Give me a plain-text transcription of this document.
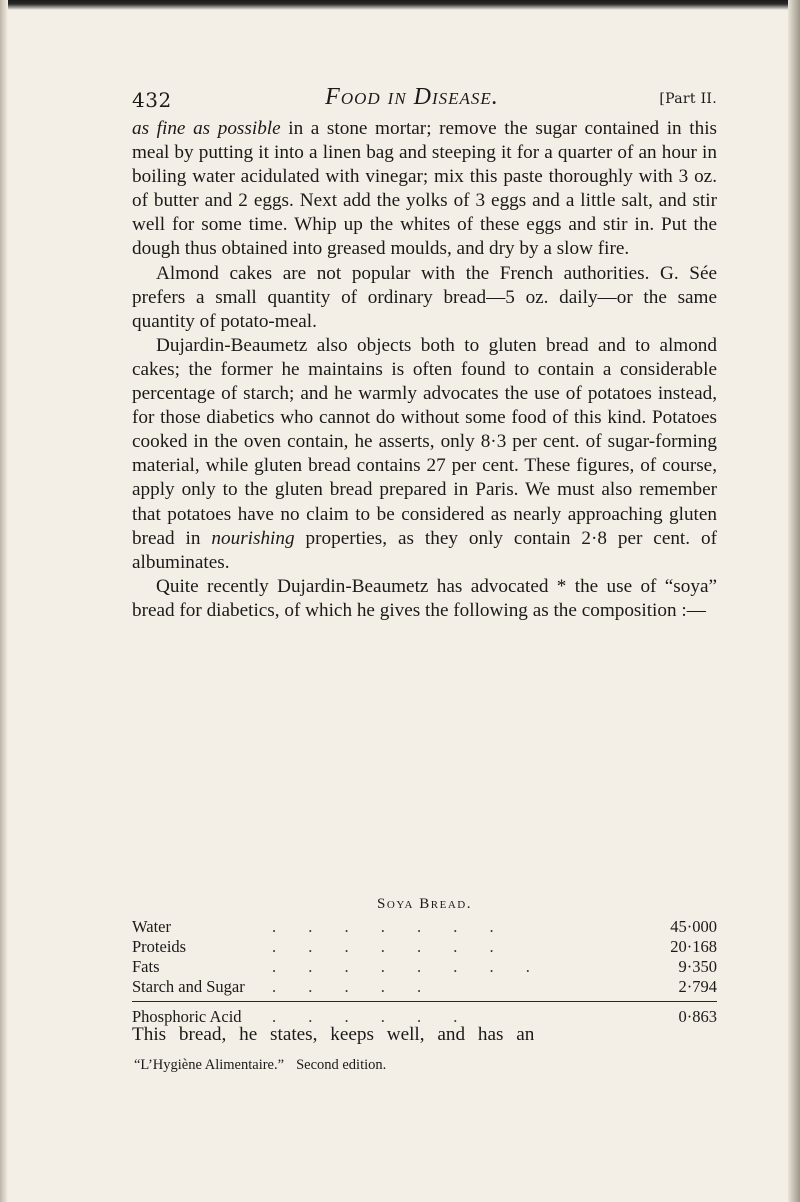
432	Food in Disease.	[Part II.

as fine as possible in a stone mortar; remove the sugar contained in this meal by putting it into a linen bag and steeping it for a quarter of an hour in boiling water acidulated with vinegar; mix this paste thoroughly with 3 oz. of butter and 2 eggs. Next add the yolks of 3 eggs and a little salt, and stir well for some time. Whip up the whites of these eggs and stir in. Put the dough thus obtained into greased moulds, and dry by a slow fire.

Almond cakes are not popular with the French authorities. G. Sée prefers a small quantity of ordinary bread—5 oz. daily—or the same quantity of potato-meal.

Dujardin-Beaumetz also objects both to gluten bread and to almond cakes; the former he maintains is often found to contain a considerable percentage of starch; and he warmly advocates the use of potatoes instead, for those diabetics who cannot do without some food of this kind. Potatoes cooked in the oven contain, he asserts, only 8·3 per cent. of sugar-forming material, while gluten bread contains 27 per cent. These figures, of course, apply only to the gluten bread prepared in Paris. We must also remember that potatoes have no claim to be considered as nearly approaching gluten bread in nourishing properties, as they only contain 2·8 per cent. of albuminates.

Quite recently Dujardin-Beaumetz has advocated * the use of “soya” bread for diabetics, of which he gives the following as the composition :—

Soya Bread.
Water	. . . . . . .	45·000
Proteids	. . . . . . .	20·168
Fats	. . . . . . . .	9·350
Starch and Sugar . . . . .	2·794
Phosphoric Acid . . . . . .	0·863
This bread, he states, keeps well, and has an
“L’Hygiène Alimentaire.” Second edition.
